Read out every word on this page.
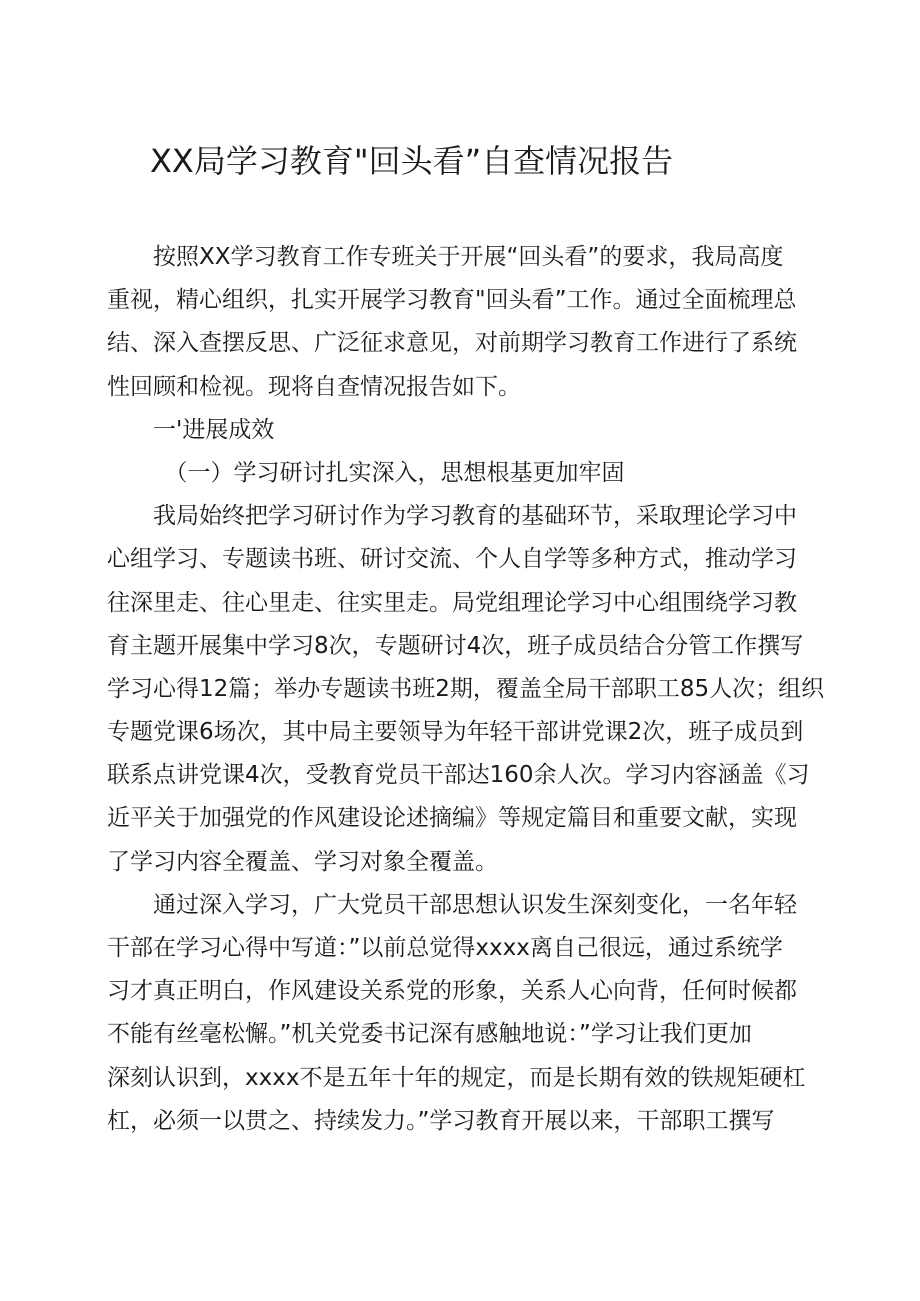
XX局学习教育"回头看”自查情况报告
　　按照XX学习教育工作专班关于开展“回头看”的要求，我局高度
重视，精心组织，扎实开展学习教育"回头看”工作。通过全面梳理总
结、深入查摆反思、广泛征求意见，对前期学习教育工作进行了系统
性回顾和检视。现将自查情况报告如下。
　　一'进展成效
　　　（一）学习研讨扎实深入，思想根基更加牢固
　　我局始终把学习研讨作为学习教育的基础环节，采取理论学习中
心组学习、专题读书班、研讨交流、个人自学等多种方式，推动学习
往深里走、往心里走、往实里走。局党组理论学习中心组围绕学习教
育主题开展集中学习8次，专题研讨4次，班子成员结合分管工作撰写
学习心得12篇；举办专题读书班2期，覆盖全局干部职工85人次；组织
专题党课6场次，其中局主要领导为年轻干部讲党课2次，班子成员到
联系点讲党课4次，受教育党员干部达160余人次。学习内容涵盖《习
近平关于加强党的作风建设论述摘编》等规定篇目和重要文献，实现
了学习内容全覆盖、学习对象全覆盖。
　　通过深入学习，广大党员干部思想认识发生深刻变化，一名年轻
干部在学习心得中写道：”以前总觉得xxxx离自己很远，通过系统学
习才真正明白，作风建设关系党的形象，关系人心向背，任何时候都
不能有丝毫松懈。”机关党委书记深有感触地说：”学习让我们更加
深刻认识到，xxxx不是五年十年的规定，而是长期有效的铁规矩硬杠
杠，必须一以贯之、持续发力。”学习教育开展以来，干部职工撰写
